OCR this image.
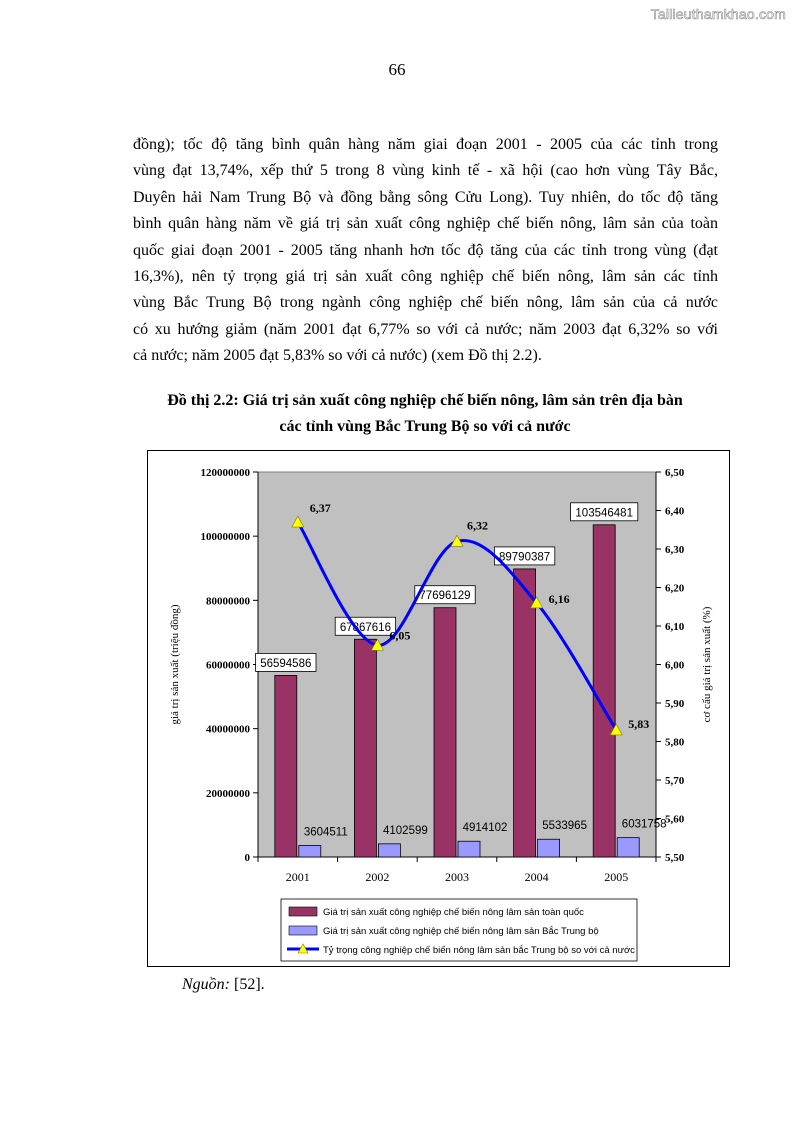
Tailieuthamkhao.com
66
đồng); tốc độ tăng bình quân hàng năm giai đoạn 2001 - 2005 của các tỉnh trong
vùng đạt 13,74%, xếp thứ 5 trong 8 vùng kinh tế - xã hội (cao hơn vùng Tây Bắc,
Duyên hải Nam Trung Bộ và đồng bằng sông Cửu Long). Tuy nhiên, do tốc độ tăng
bình quân hàng năm về giá trị sản xuất công nghiệp chế biến nông, lâm sản của toàn
quốc giai đoạn 2001 - 2005 tăng nhanh hơn tốc độ tăng của các tỉnh trong vùng (đạt
16,3%), nên tỷ trọng giá trị sản xuất công nghiệp chế biến nông, lâm sản các tỉnh
vùng Bắc Trung Bộ trong ngành công nghiệp chế biến nông, lâm sản của cả nước
có xu hướng giảm (năm 2001 đạt 6,77% so với cả nước; năm 2003 đạt 6,32% so với
cả nước; năm 2005 đạt 5,83% so với cả nước) (xem Đồ thị 2.2).
Đồ thị 2.2: Giá trị sản xuất công nghiệp chế biến nông, lâm sản trên địa bàn
các tỉnh vùng Bắc Trung Bộ so với cả nước
0
20000000
40000000
60000000
80000000
100000000
120000000
5,50
5,60
5,70
5,80
5,90
6,00
6,10
6,20
6,30
6,40
6,50
2001	2002	2003	2004	2005
giá trị sản xuất (triệu đồng)	cơ cấu giá trị sản xuất (%)
56594586
67867616
77696129
89790387
103546481
3604511	4102599	4914102	5533965	6031758
6,37
6,05
6,32
6,16
5,83
Giá trị sản xuất công nghiệp chế biến nông lâm sản toàn quốc
Giá trị sản xuất công nghiệp chế biến nông lâm sản Bắc Trung bộ
Tỷ trọng công nghiệp chế biến nông lâm sản bắc Trung bộ so với cả nước
Nguồn: [52].
